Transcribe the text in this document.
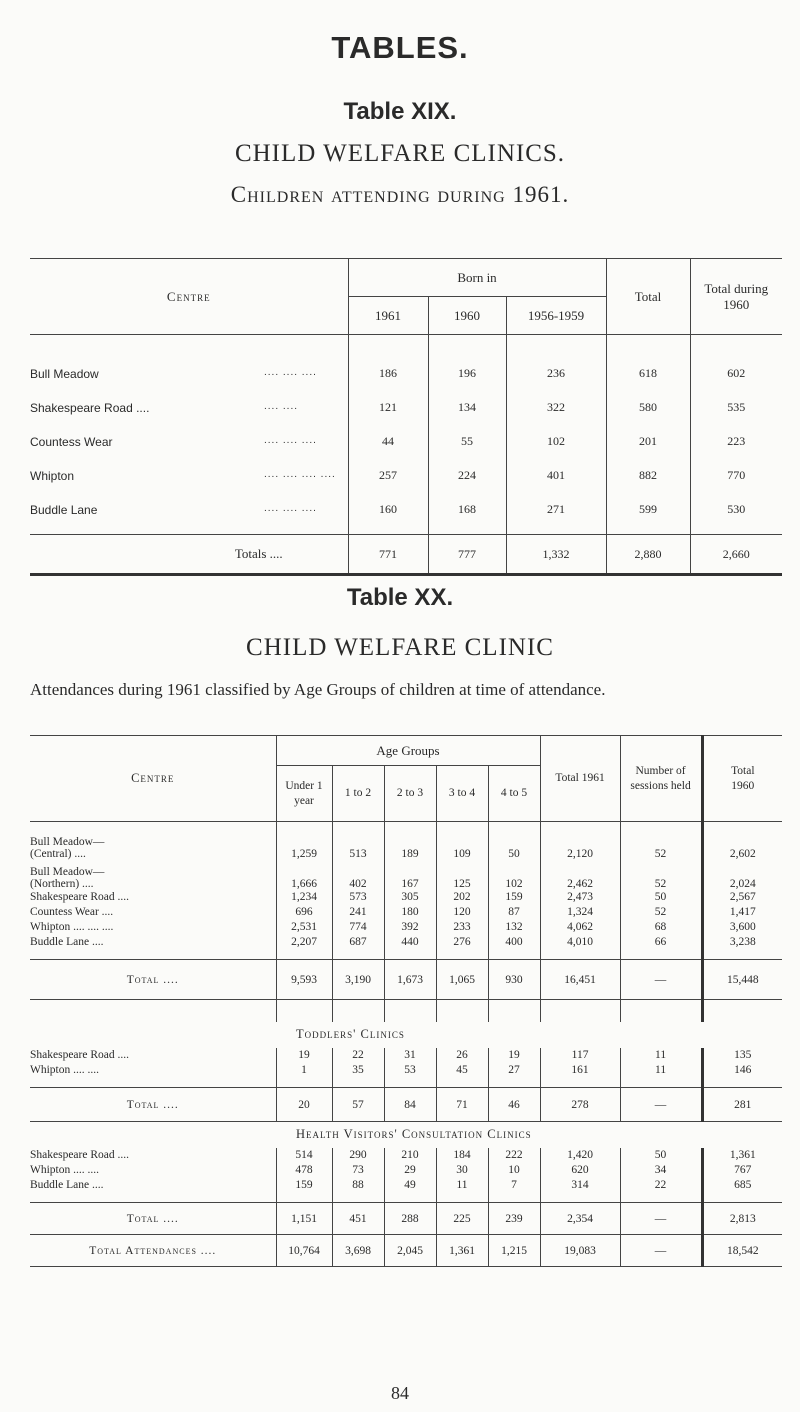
TABLES.
Table XIX.
CHILD WELFARE CLINICS.
Children attending during 1961.
Centre	Born in			Total	Total during 1960
	1961	1960	1956-1959		

Bull Meadow .... .... ....	186	196	236	618	602
Shakespeare Road .... .... ....	121	134	322	580	535
Countess Wear .... .... ....	44	55	102	201	223
Whipton .... .... .... ....	257	224	401	882	770
Buddle Lane .... .... ....	160	168	271	599	530

Totals ....	771	777	1,332	2,880	2,660
Table XX.
CHILD WELFARE CLINIC
Attendances during 1961 classified by Age Groups of children at time of attendance.
Centre	Age Groups					Total 1961	Number of sessions held	Total 1960
	Under 1 year	1 to 2	2 to 3	3 to 4	4 to 5			

Bull Meadow—
(Central) ....	1,259	513	189	109	50	2,120	52	2,602

Bull Meadow—
(Northern) ....	1,666	402	167	125	102	2,462	52	2,024

Shakespeare Road ....	1,234	573	305	202	159	2,473	50	2,567

Countess Wear ....	696	241	180	120	87	1,324	52	1,417

Whipton .... .... ....	2,531	774	392	233	132	4,062	68	3,600

Buddle Lane ....	2,207	687	440	276	400	4,010	66	3,238

Total ....	9,593	3,190	1,673	1,065	930	16,451	—	15,448

	Toddlers' Clinics							

Shakespeare Road ....	19	22	31	26	19	117	11	135

Whipton .... ....	1	35	53	45	27	161	11	146

Total ....	20	57	84	71	46	278	—	281
	Health Visitors' Consultation Clinics							

Shakespeare Road ....	514	290	210	184	222	1,420	50	1,361

Whipton .... ....	478	73	29	30	10	620	34	767

Buddle Lane ....	159	88	49	11	7	314	22	685

Total ....	1,151	451	288	225	239	2,354	—	2,813

Total Attendances ....	10,764	3,698	2,045	1,361	1,215	19,083	—	18,542
84
